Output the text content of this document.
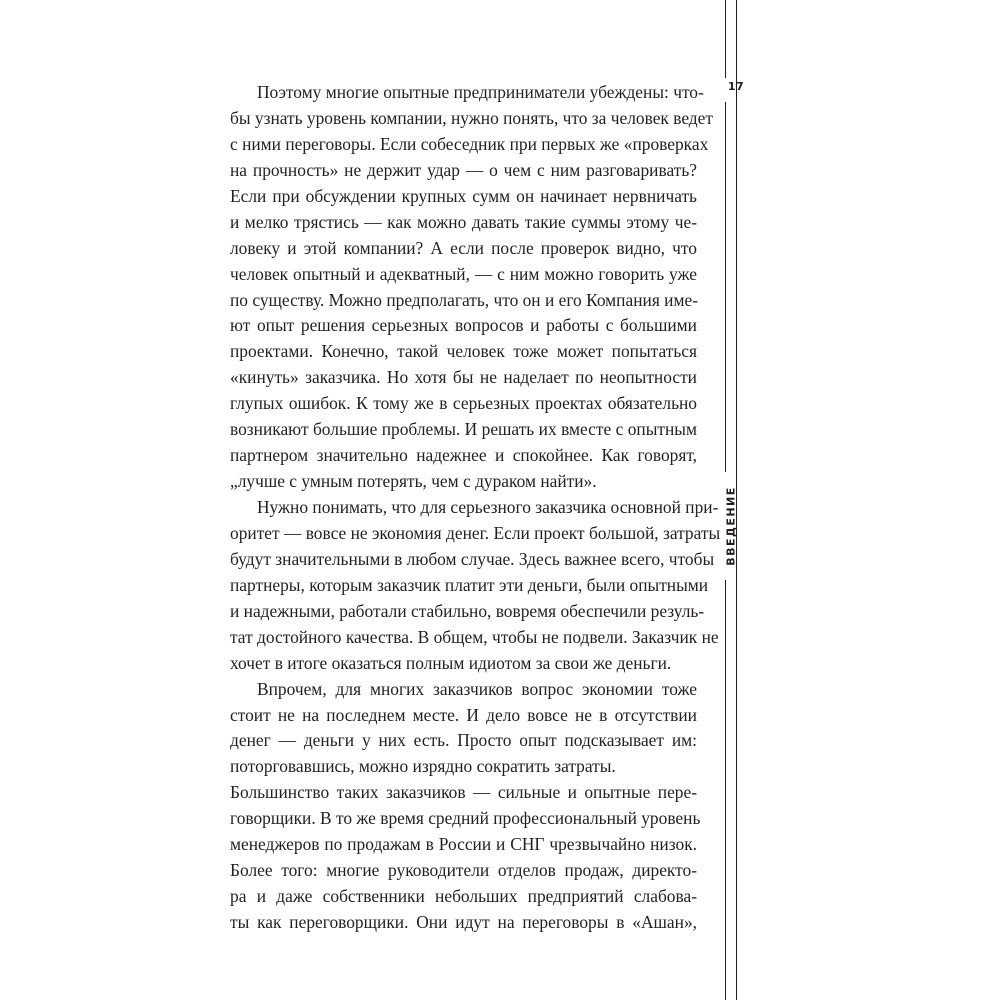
Поэтому многие опытные предприниматели убеждены: что-
бы узнать уровень компании, нужно понять, что за человек ведет
с ними переговоры. Если собеседник при первых же «проверках
на прочность» не держит удар — о чем с ним разговаривать?
Если при обсуждении крупных сумм он начинает нервничать
и мелко трястись — как можно давать такие суммы этому че-
ловеку и этой компании? А если после проверок видно, что
человек опытный и адекватный, — с ним можно говорить уже
по существу. Можно предполагать, что он и его Компания име-
ют опыт решения серьезных вопросов и работы с большими
проектами. Конечно, такой человек тоже может попытаться
«кинуть» заказчика. Но хотя бы не наделает по неопытности
глупых ошибок. К тому же в серьезных проектах обязательно
возникают большие проблемы. И решать их вместе с опытным
партнером значительно надежнее и спокойнее. Как говорят,
„лучше с умным потерять, чем с дураком найти».
Нужно понимать, что для серьезного заказчика основной при-
оритет — вовсе не экономия денег. Если проект большой, затраты
будут значительными в любом случае. Здесь важнее всего, чтобы
партнеры, которым заказчик платит эти деньги, были опытными
и надежными, работали стабильно, вовремя обеспечили резуль-
тат достойного качества. В общем, чтобы не подвели. Заказчик не
хочет в итоге оказаться полным идиотом за свои же деньги.
Впрочем, для многих заказчиков вопрос экономии тоже
стоит не на последнем месте. И дело вовсе не в отсутствии
денег — деньги у них есть. Просто опыт подсказывает им:
поторговавшись, можно изрядно сократить затраты.
Большинство таких заказчиков — сильные и опытные пере-
говорщики. В то же время средний профессиональный уровень
менеджеров по продажам в России и СНГ чрезвычайно низок.
Более того: многие руководители отделов продаж, директо-
ра и даже собственники небольших предприятий слабова-
ты как переговорщики. Они идут на переговоры в «Ашан»,
17
ВВЕДЕНИЕ
